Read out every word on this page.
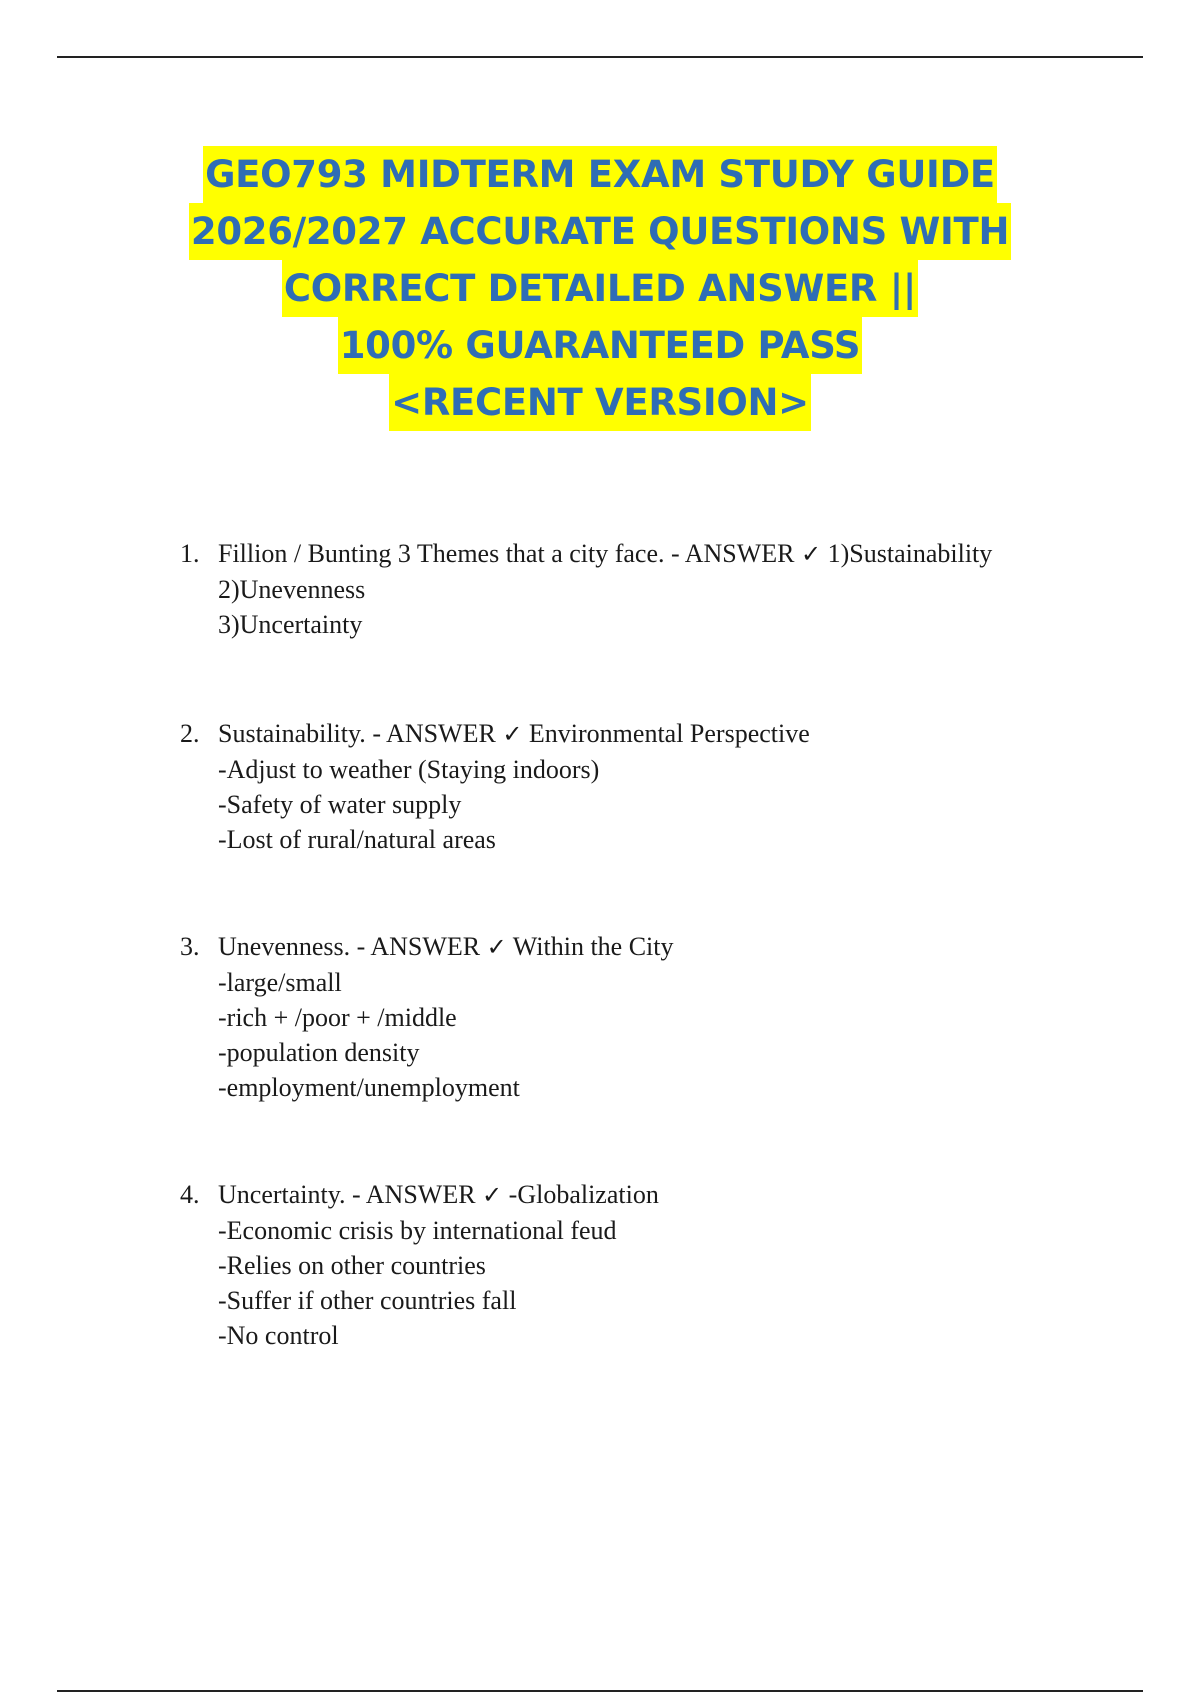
GEO793 MIDTERM EXAM STUDY GUIDE
2026/2027 ACCURATE QUESTIONS WITH
CORRECT DETAILED ANSWER ||
100% GUARANTEED PASS
<RECENT VERSION>
1. Fillion / Bunting 3 Themes that a city face. - ANSWER ✓ 1)Sustainability
2)Unevenness
3)Uncertainty
2. Sustainability. - ANSWER ✓ Environmental Perspective
-Adjust to weather (Staying indoors)
-Safety of water supply
-Lost of rural/natural areas
3. Unevenness. - ANSWER ✓ Within the City
-large/small
-rich + /poor + /middle
-population density
-employment/unemployment
4. Uncertainty. - ANSWER ✓ -Globalization
-Economic crisis by international feud
-Relies on other countries
-Suffer if other countries fall
-No control
